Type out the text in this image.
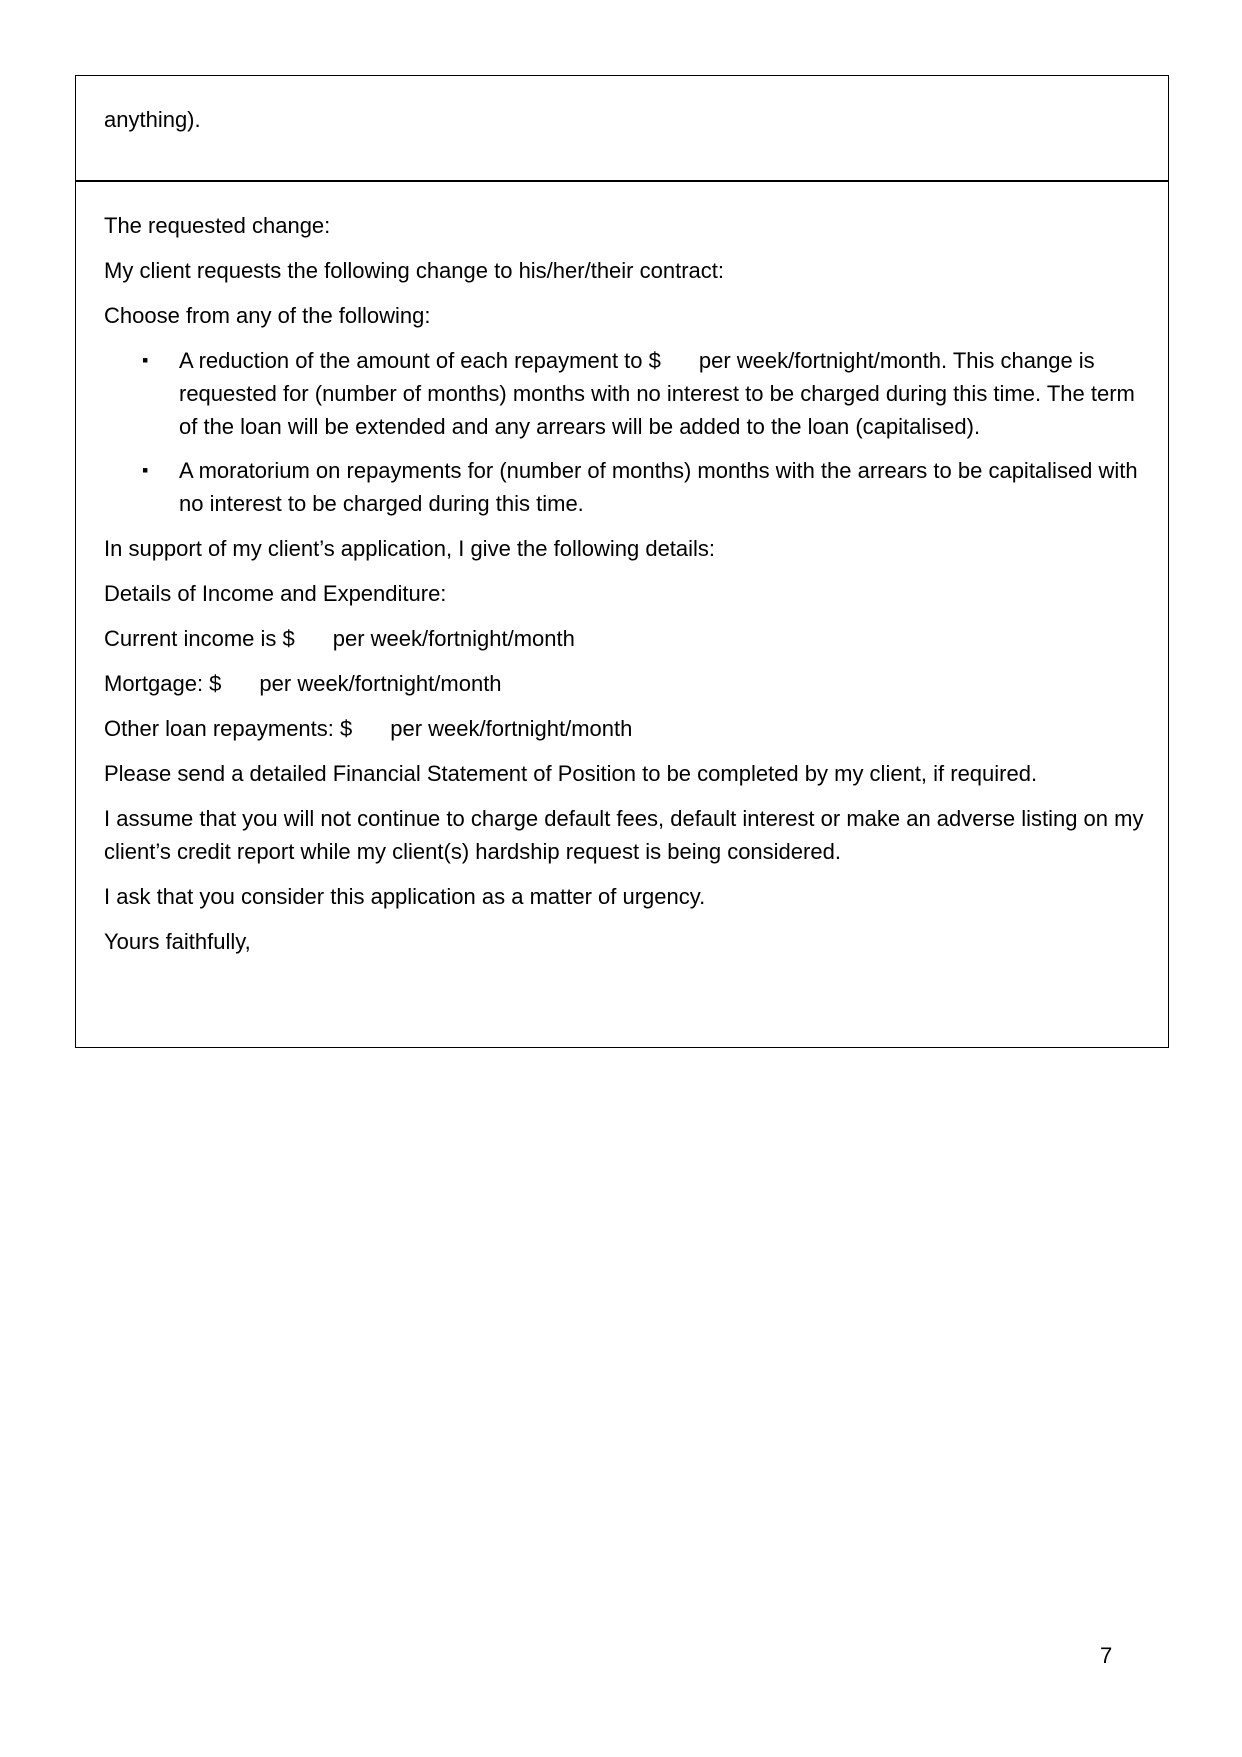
anything).

The requested change:

My client requests the following change to his/her/their contract:

Choose from any of the following:

▪ A reduction of the amount of each repayment to $ per week/fortnight/month. This change is requested for (number of months) months with no interest to be charged during this time. The term of the loan will be extended and any arrears will be added to the loan (capitalised).

▪ A moratorium on repayments for (number of months) months with the arrears to be capitalised with no interest to be charged during this time.

In support of my client’s application, I give the following details:

Details of Income and Expenditure:

Current income is $ per week/fortnight/month

Mortgage: $ per week/fortnight/month

Other loan repayments: $ per week/fortnight/month

Please send a detailed Financial Statement of Position to be completed by my client, if required.

I assume that you will not continue to charge default fees, default interest or make an adverse listing on my client’s credit report while my client(s) hardship request is being considered.

I ask that you consider this application as a matter of urgency.

Yours faithfully,

7
